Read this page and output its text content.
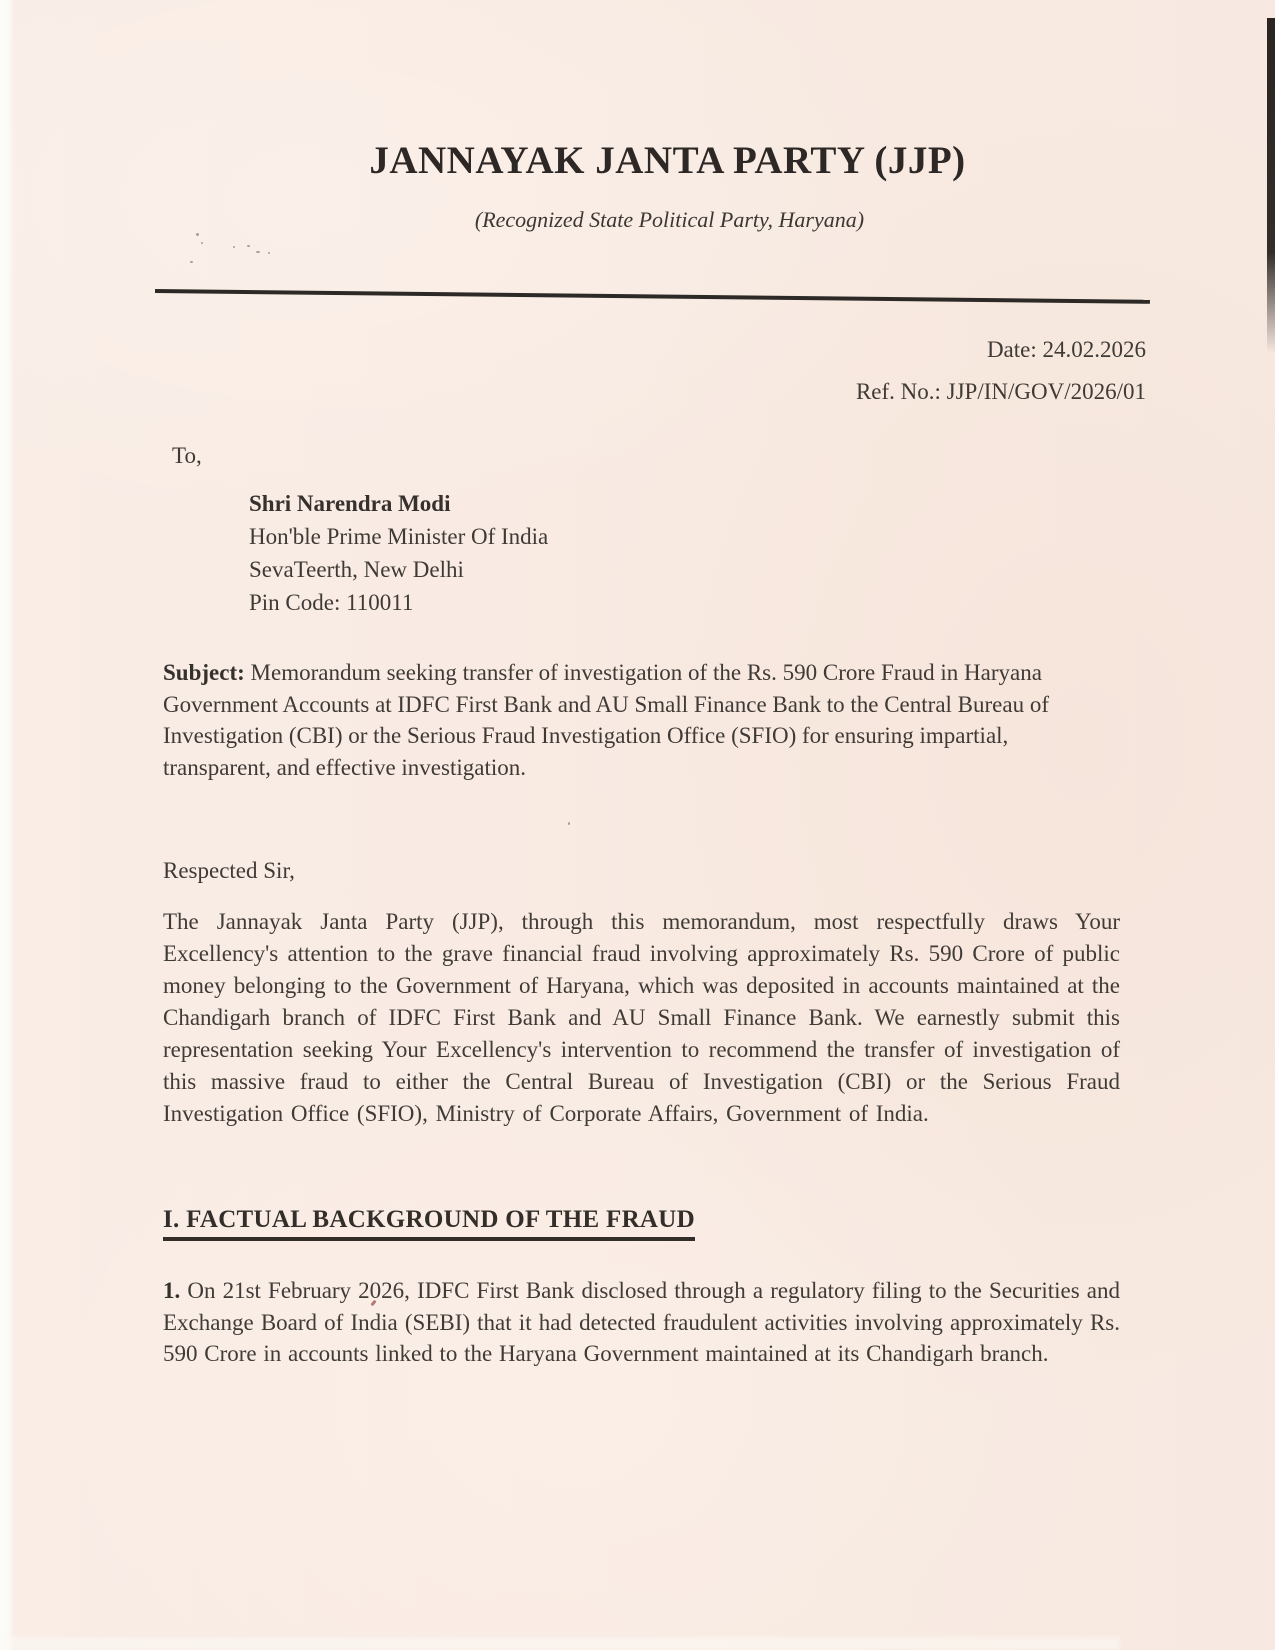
JANNAYAK JANTA PARTY (JJP)
(Recognized State Political Party, Haryana)
Date: 24.02.2026
Ref. No.: JJP/IN/GOV/2026/01
To,
Shri Narendra Modi
Hon'ble Prime Minister Of India
SevaTeerth, New Delhi
Pin Code: 110011

Subject: Memorandum seeking transfer of investigation of the Rs. 590 Crore Fraud in Haryana Government Accounts at IDFC First Bank and AU Small Finance Bank to the Central Bureau of Investigation (CBI) or the Serious Fraud Investigation Office (SFIO) for ensuring impartial, transparent, and effective investigation.

Respected Sir,

The Jannayak Janta Party (JJP), through this memorandum, most respectfully draws Your Excellency's attention to the grave financial fraud involving approximately Rs. 590 Crore of public money belonging to the Government of Haryana, which was deposited in accounts maintained at the Chandigarh branch of IDFC First Bank and AU Small Finance Bank. We earnestly submit this representation seeking Your Excellency's intervention to recommend the transfer of investigation of this massive fraud to either the Central Bureau of Investigation (CBI) or the Serious Fraud Investigation Office (SFIO), Ministry of Corporate Affairs, Government of India.

I. FACTUAL BACKGROUND OF THE FRAUD

1. On 21st February 2026, IDFC First Bank disclosed through a regulatory filing to the Securities and Exchange Board of India (SEBI) that it had detected fraudulent activities involving approximately Rs. 590 Crore in accounts linked to the Haryana Government maintained at its Chandigarh branch.
